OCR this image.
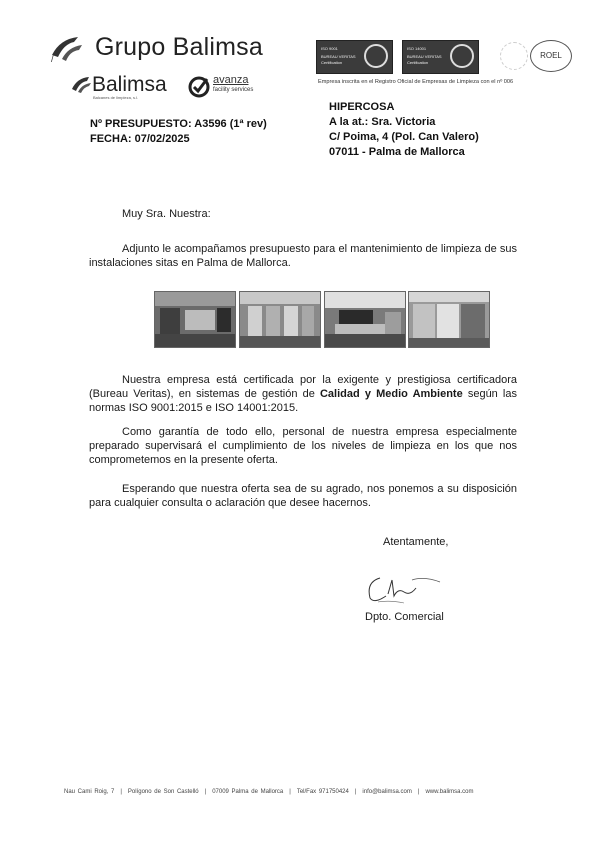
/ Grupo Balimsa
Balimsa
Balcanes de limpieza, s.l.
avanza
facility services
ISO 9001
BUREAU VERITAS
Certification
ISO 14001
BUREAU VERITAS
Certification
ROEL
Empresa inscrita en el Registro Oficial de Empresas de Limpieza con el nº 006
Nº PRESUPUESTO: A3596 (1ª rev)
FECHA: 07/02/2025
HIPERCOSA
A la at.: Sra. Victoria
C/ Poima, 4 (Pol. Can Valero)
07011 - Palma de Mallorca
Muy Sra. Nuestra:
Adjunto le acompañamos presupuesto para el mantenimiento de limpieza de sus instalaciones sitas en Palma de Mallorca.
Nuestra empresa está certificada por la exigente y prestigiosa certificadora (Bureau Veritas), en sistemas de gestión de Calidad y Medio Ambiente según las normas ISO 9001:2015 e ISO 14001:2015.
Como garantía de todo ello, personal de nuestra empresa especialmente preparado supervisará el cumplimiento de los niveles de limpieza en los que nos comprometemos en la presente oferta.
Esperando que nuestra oferta sea de su agrado, nos ponemos a su disposición para cualquier consulta o aclaración que desee hacernos.
Atentamente,
Dpto. Comercial
Nau Cami Roig, 7 | Polígono de Son Castelló | 07009 Palma de Mallorca | Tel/Fax 971750424 | info@balimsa.com | www.balimsa.com
